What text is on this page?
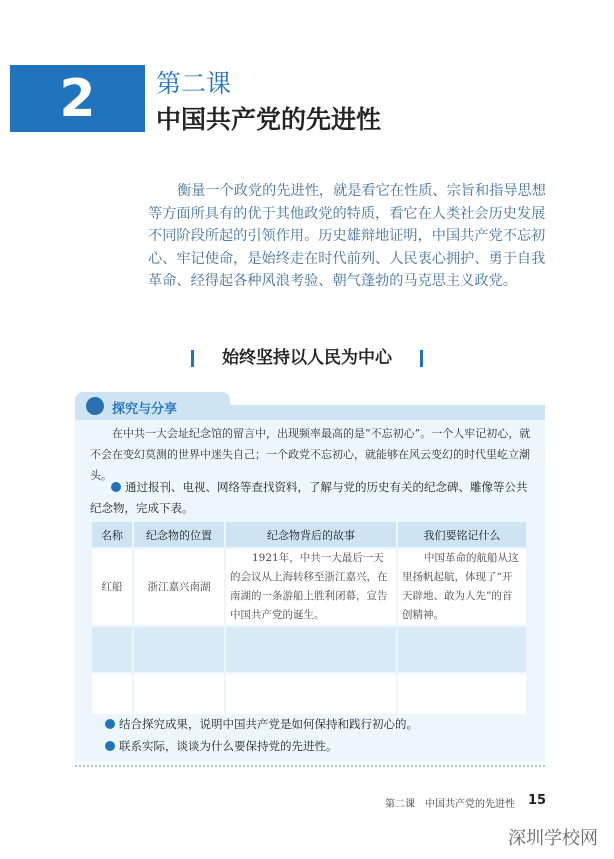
2 第二课
中国共产党的先进性
衡量一个政党的先进性，就是看它在性质、宗旨和指导思想等方面所具有的优于其他政党的特质，看它在人类社会历史发展不同阶段所起的引领作用。历史雄辩地证明，中国共产党不忘初心、牢记使命，是始终走在时代前列、人民衷心拥护、勇于自我革命、经得起各种风浪考验、朝气蓬勃的马克思主义政党。
始终坚持以人民为中心
探究与分享
在中共一大会址纪念馆的留言中，出现频率最高的是“不忘初心”。一个人牢记初心，就不会在变幻莫测的世界中迷失自己；一个政党不忘初心，就能够在风云变幻的时代里屹立潮头。
通过报刊、电视、网络等查找资料，了解与党的历史有关的纪念碑、雕像等公共纪念物，完成下表。
名称	纪念物的位置	纪念物背后的故事	我们要铭记什么
红船	浙江嘉兴南湖	1921年，中共一大最后一天的会议从上海转移至浙江嘉兴，在南湖的一条游船上胜利闭幕，宣告中国共产党的诞生。	中国革命的航船从这里扬帆起航，体现了“开天辟地、敢为人先”的首创精神。

结合探究成果，说明中国共产党是如何保持和践行初心的。
联系实际，谈谈为什么要保持党的先进性。
第二课　中国共产党的先进性 15
深圳学校网
